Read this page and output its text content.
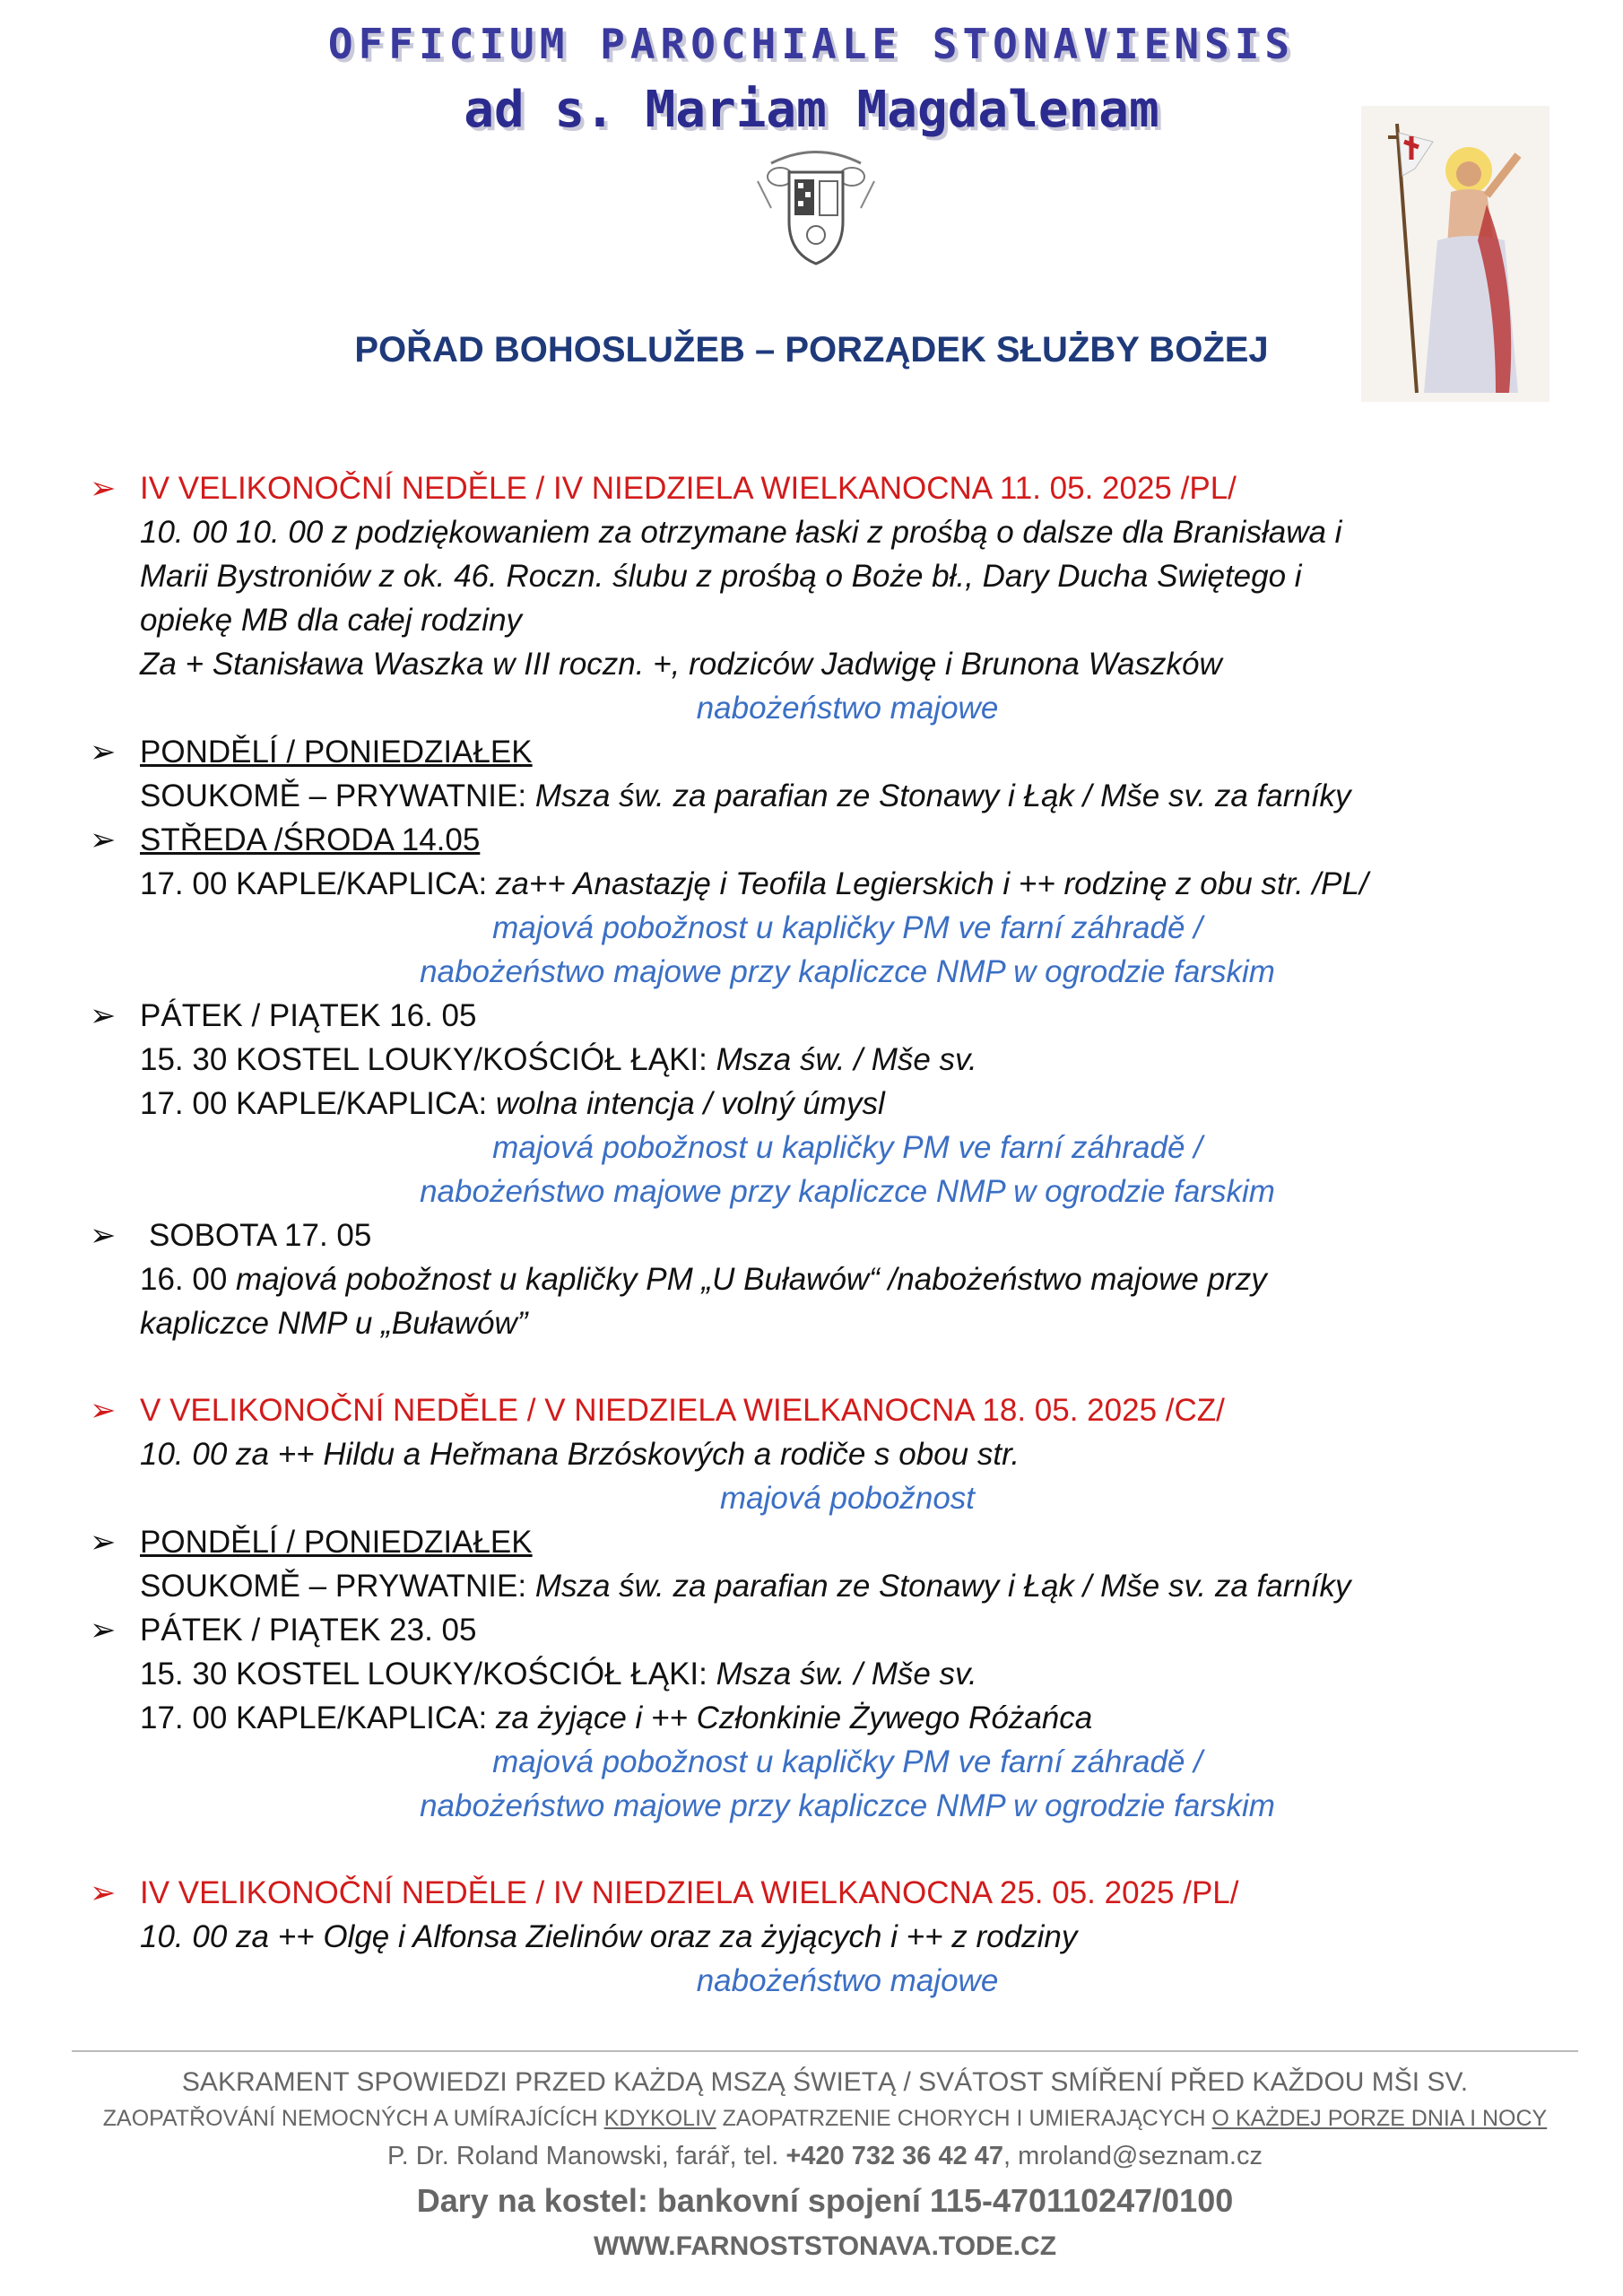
OFFICIUM PAROCHIALE STONAVIENSIS
ad s. Mariam Magdalenam
POŘAD BOHOSLUŽEB – PORZĄDEK SŁUŻBY BOŻEJ
➢ IV VELIKONOČNÍ NEDĚLE / IV NIEDZIELA WIELKANOCNA 11. 05. 2025 /PL/
10. 00 10. 00 z podziękowaniem za otrzymane łaski z prośbą o dalsze dla Branisława i
Marii Bystroniów z ok. 46. Roczn. ślubu z prośbą o Boże bł., Dary Ducha Swiętego i
opiekę MB dla całej rodziny
Za + Stanisława Waszka w III roczn. +, rodziców Jadwigę i Brunona Waszków
nabożeństwo majowe
➢ PONDĚLÍ / PONIEDZIAŁEK
SOUKOMĚ – PRYWATNIE: Msza św. za parafian ze Stonawy i Łąk / Mše sv. za farníky
➢ STŘEDA /ŚRODA 14.05
17. 00 KAPLE/KAPLICA: za++ Anastazję i Teofila Legierskich i ++ rodzinę z obu str. /PL/
majová pobožnost u kapličky PM ve farní záhradě /
nabożeństwo majowe przy kapliczce NMP w ogrodzie farskim
➢ PÁTEK / PIĄTEK 16. 05
15. 30 KOSTEL LOUKY/KOŚCIÓŁ ŁĄKI: Msza św. / Mše sv.
17. 00 KAPLE/KAPLICA: wolna intencja / volný úmysl
majová pobožnost u kapličky PM ve farní záhradě /
nabożeństwo majowe przy kapliczce NMP w ogrodzie farskim
➢ SOBOTA 17. 05
16. 00 majová pobožnost u kapličky PM „U Buławów“ /nabożeństwo majowe przy
kapliczce NMP u „Buławów”
➢ V VELIKONOČNÍ NEDĚLE / V NIEDZIELA WIELKANOCNA 18. 05. 2025 /CZ/
10. 00 za ++ Hildu a Heřmana Brzóskových a rodiče s obou str.
majová pobožnost
➢ PONDĚLÍ / PONIEDZIAŁEK
SOUKOMĚ – PRYWATNIE: Msza św. za parafian ze Stonawy i Łąk / Mše sv. za farníky
➢ PÁTEK / PIĄTEK 23. 05
15. 30 KOSTEL LOUKY/KOŚCIÓŁ ŁĄKI: Msza św. / Mše sv.
17. 00 KAPLE/KAPLICA: za żyjące i ++ Członkinie Żywego Różańca
majová pobožnost u kapličky PM ve farní záhradě /
nabożeństwo majowe przy kapliczce NMP w ogrodzie farskim
➢ IV VELIKONOČNÍ NEDĚLE / IV NIEDZIELA WIELKANOCNA 25. 05. 2025 /PL/
10. 00 za ++ Olgę i Alfonsa Zielinów oraz za żyjących i ++ z rodziny
nabożeństwo majowe
SAKRAMENT SPOWIEDZI PRZED KAŻDĄ MSZĄ ŚWIETĄ / SVÁTOST SMÍŘENÍ PŘED KAŽDOU MŠI SV.
ZAOPATŘOVÁNÍ NEMOCNÝCH A UMÍRAJÍCÍCH KDYKOLIV ZAOPATRZENIE CHORYCH I UMIERAJĄCYCH O KAŻDEJ PORZE DNIA I NOCY
P. Dr. Roland Manowski, farář, tel. +420 732 36 42 47, mroland@seznam.cz
Dary na kostel: bankovní spojení 115-470110247/0100
WWW.FARNOSTSTONAVA.TODE.CZ
